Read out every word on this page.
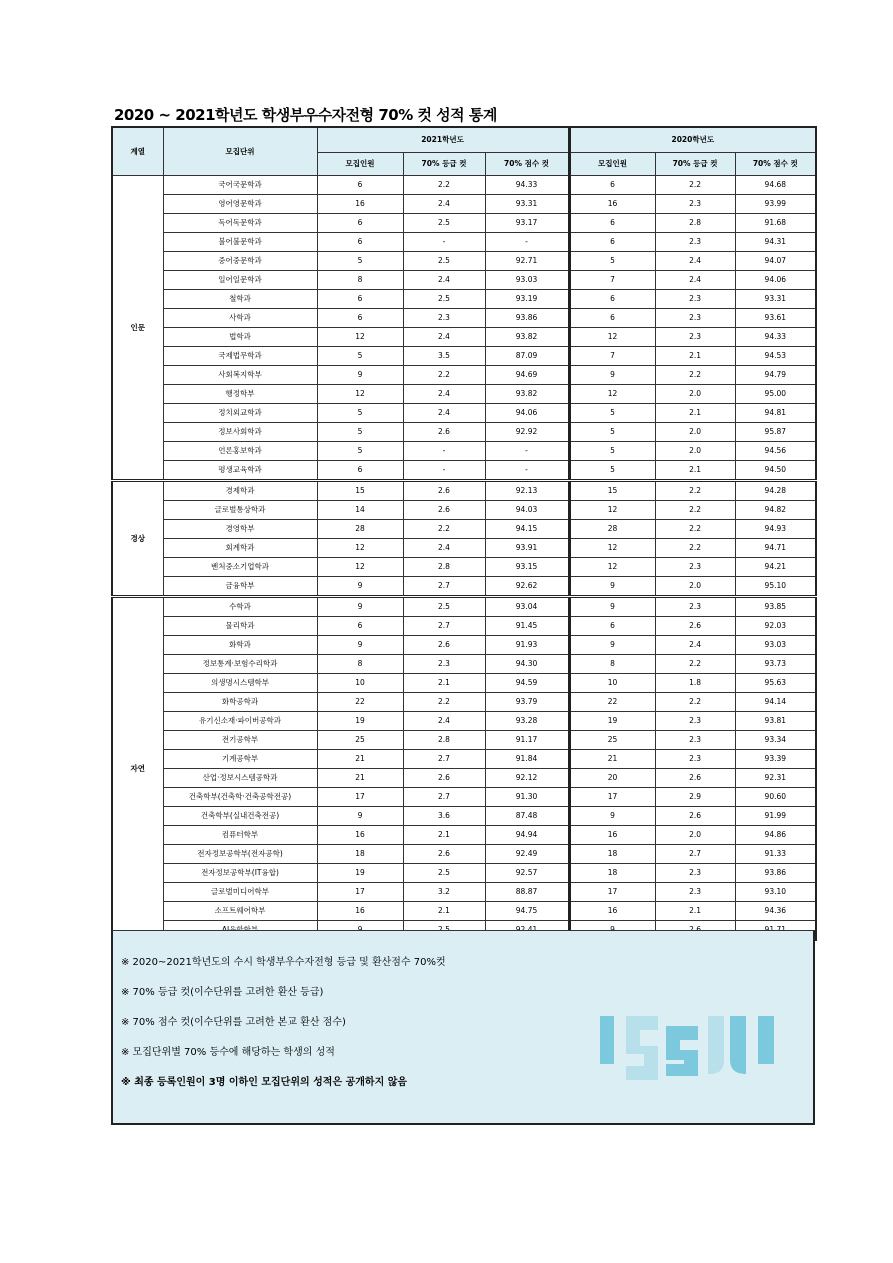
2020 ~ 2021학년도 학생부우수자전형 70% 컷 성적 통계
계열	모집단위	2021학년도			2020학년도		
		모집인원	70% 등급 컷	70% 점수 컷	모집인원	70% 등급 컷	70% 점수 컷
인문	국어국문학과	6	2.2	94.33	6	2.2	94.68
	영어영문학과	16	2.4	93.31	16	2.3	93.99
	독어독문학과	6	2.5	93.17	6	2.8	91.68
	불어불문학과	6	-	-	6	2.3	94.31
	중어중문학과	5	2.5	92.71	5	2.4	94.07
	일어일문학과	8	2.4	93.03	7	2.4	94.06
	철학과	6	2.5	93.19	6	2.3	93.31
	사학과	6	2.3	93.86	6	2.3	93.61
	법학과	12	2.4	93.82	12	2.3	94.33
	국제법무학과	5	3.5	87.09	7	2.1	94.53
	사회복지학부	9	2.2	94.69	9	2.2	94.79
	행정학부	12	2.4	93.82	12	2.0	95.00
	정치외교학과	5	2.4	94.06	5	2.1	94.81
	정보사회학과	5	2.6	92.92	5	2.0	95.87
	언론홍보학과	5	-	-	5	2.0	94.56
	평생교육학과	6	-	-	5	2.1	94.50
경상	경제학과	15	2.6	92.13	15	2.2	94.28
	글로벌통상학과	14	2.6	94.03	12	2.2	94.82
	경영학부	28	2.2	94.15	28	2.2	94.93
	회계학과	12	2.4	93.91	12	2.2	94.71
	벤처중소기업학과	12	2.8	93.15	12	2.3	94.21
	금융학부	9	2.7	92.62	9	2.0	95.10
자연	수학과	9	2.5	93.04	9	2.3	93.85
	물리학과	6	2.7	91.45	6	2.6	92.03
	화학과	9	2.6	91.93	9	2.4	93.03
	정보통계·보험수리학과	8	2.3	94.30	8	2.2	93.73
	의생명시스템학부	10	2.1	94.59	10	1.8	95.63
	화학공학과	22	2.2	93.79	22	2.2	94.14
	유기신소재·파이버공학과	19	2.4	93.28	19	2.3	93.81
	전기공학부	25	2.8	91.17	25	2.3	93.34
	기계공학부	21	2.7	91.84	21	2.3	93.39
	산업·정보시스템공학과	21	2.6	92.12	20	2.6	92.31
	건축학부(건축학·건축공학전공)	17	2.7	91.30	17	2.9	90.60
	건축학부(실내건축전공)	9	3.6	87.48	9	2.6	91.99
	컴퓨터학부	16	2.1	94.94	16	2.0	94.86
	전자정보공학부(전자공학)	18	2.6	92.49	18	2.7	91.33
	전자정보공학부(IT융합)	19	2.5	92.57	18	2.3	93.86
	글로벌미디어학부	17	3.2	88.87	17	2.3	93.10
	소프트웨어학부	16	2.1	94.75	16	2.1	94.36

※ 2020~2021학년도의 수시 학생부우수자전형 등급 및 환산점수 70%컷
※ 70% 등급 컷(이수단위를 고려한 환산 등급)
※ 70% 점수 컷(이수단위를 고려한 본교 환산 점수)
※ 모집단위별 70% 등수에 해당하는 학생의 성적
※ 최종 등록인원이 3명 이하인 모집단위의 성적은 공개하지 않음
